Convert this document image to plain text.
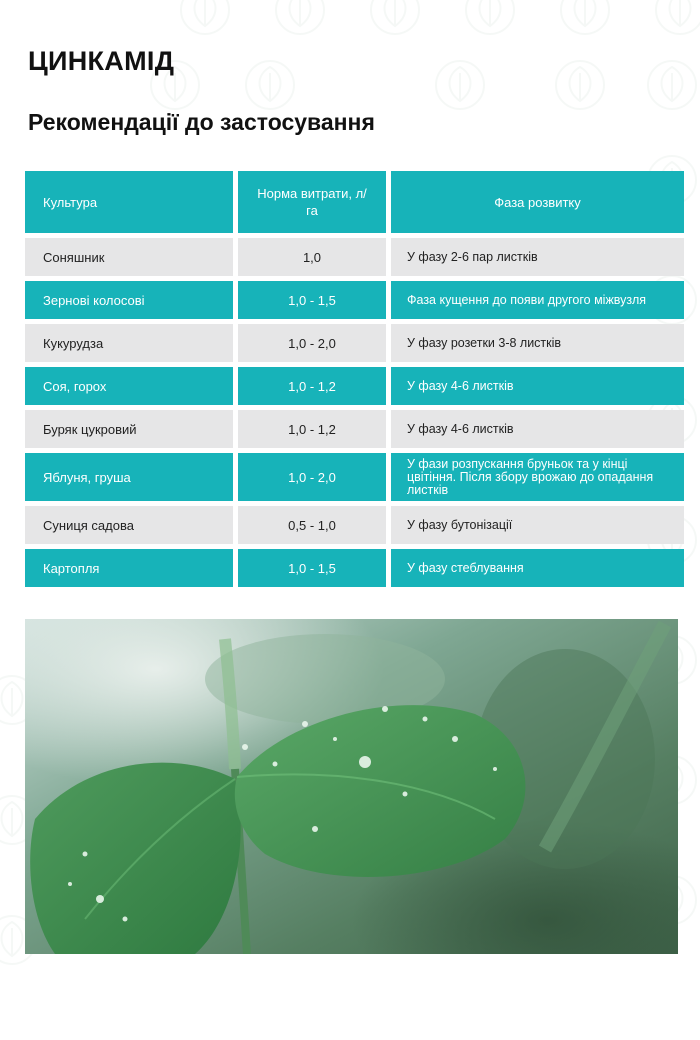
ЦИНКАМІД
Рекомендації до застосування
Культура	Норма витрати, л/га	Фаза розвитку
Соняшник	1,0	У фазу 2-6 пар листків
Зернові колосові	1,0 - 1,5	Фаза кущення до появи другого міжвузля
Кукурудза	1,0 - 2,0	У фазу розетки 3-8 листків
Соя, горох	1,0 - 1,2	У фазу 4-6 листків
Буряк цукровий	1,0 - 1,2	У фазу 4-6 листків
Яблуня, груша	1,0 - 2,0	У фази розпускання бруньок та у кінці цвітіння. Після збору врожаю до опадання листків
Суниця садова	0,5 - 1,0	У фазу бутонізації
Картопля	1,0 - 1,5	У фазу стеблування
